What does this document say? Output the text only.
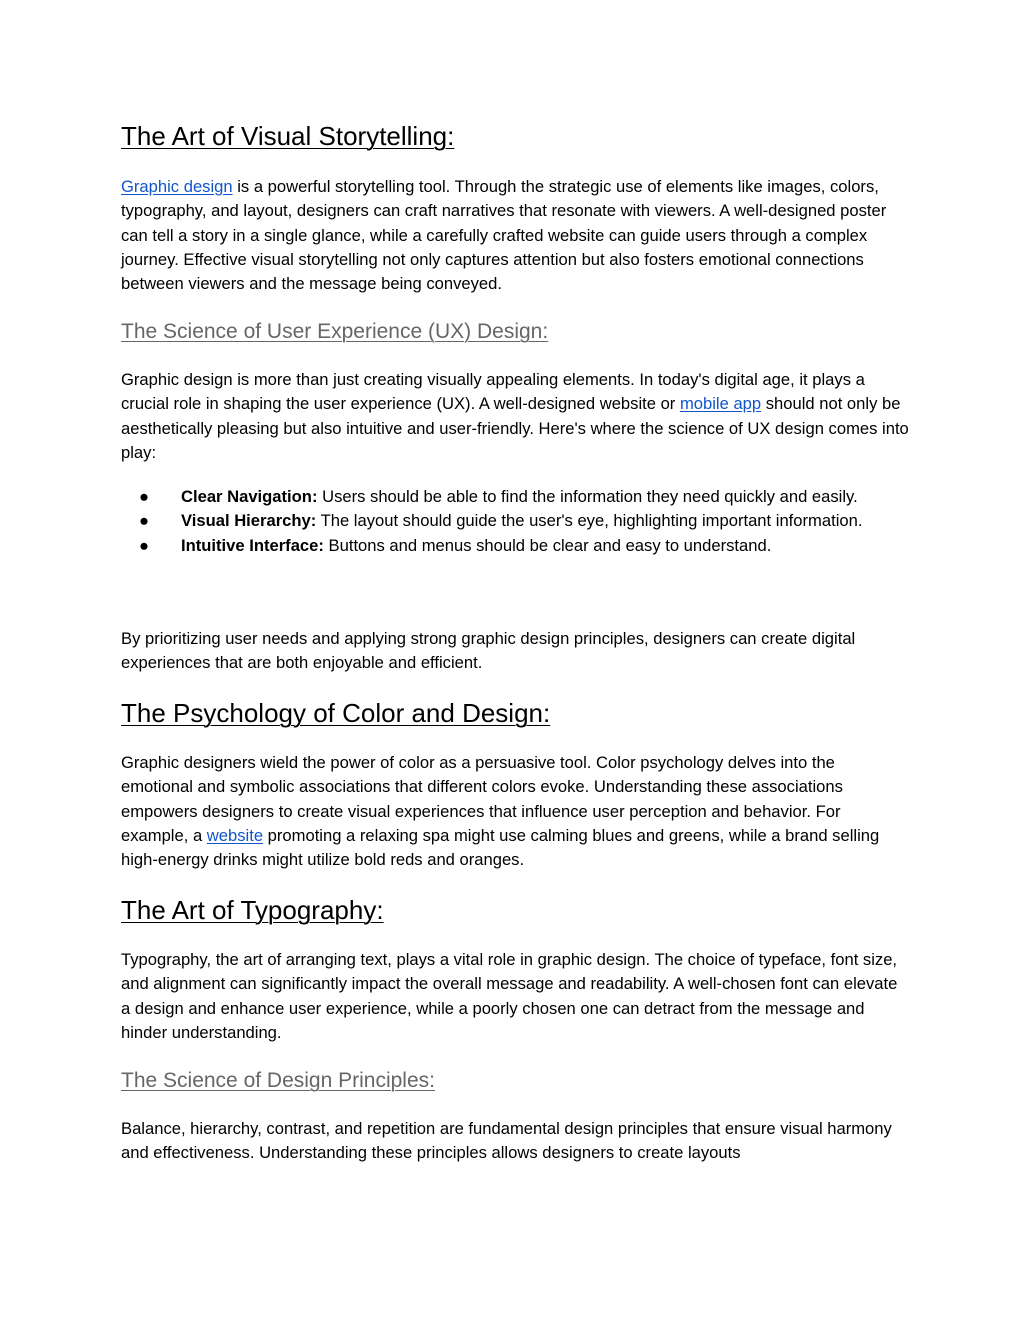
The Art of Visual Storytelling:

Graphic design is a powerful storytelling tool. Through the strategic use of elements like images, colors, typography, and layout, designers can craft narratives that resonate with viewers. A well-designed poster can tell a story in a single glance, while a carefully crafted website can guide users through a complex journey. Effective visual storytelling not only captures attention but also fosters emotional connections between viewers and the message being conveyed.

The Science of User Experience (UX) Design:

Graphic design is more than just creating visually appealing elements. In today's digital age, it plays a crucial role in shaping the user experience (UX). A well-designed website or mobile app should not only be aesthetically pleasing but also intuitive and user-friendly. Here's where the science of UX design comes into play:

● Clear Navigation: Users should be able to find the information they need quickly and easily.
● Visual Hierarchy: The layout should guide the user's eye, highlighting important information.
● Intuitive Interface: Buttons and menus should be clear and easy to understand.

By prioritizing user needs and applying strong graphic design principles, designers can create digital experiences that are both enjoyable and efficient.

The Psychology of Color and Design:

Graphic designers wield the power of color as a persuasive tool. Color psychology delves into the emotional and symbolic associations that different colors evoke. Understanding these associations empowers designers to create visual experiences that influence user perception and behavior. For example, a website promoting a relaxing spa might use calming blues and greens, while a brand selling high-energy drinks might utilize bold reds and oranges.

The Art of Typography:

Typography, the art of arranging text, plays a vital role in graphic design. The choice of typeface, font size, and alignment can significantly impact the overall message and readability. A well-chosen font can elevate a design and enhance user experience, while a poorly chosen one can detract from the message and hinder understanding.

The Science of Design Principles:

Balance, hierarchy, contrast, and repetition are fundamental design principles that ensure visual harmony and effectiveness. Understanding these principles allows designers to create layouts
